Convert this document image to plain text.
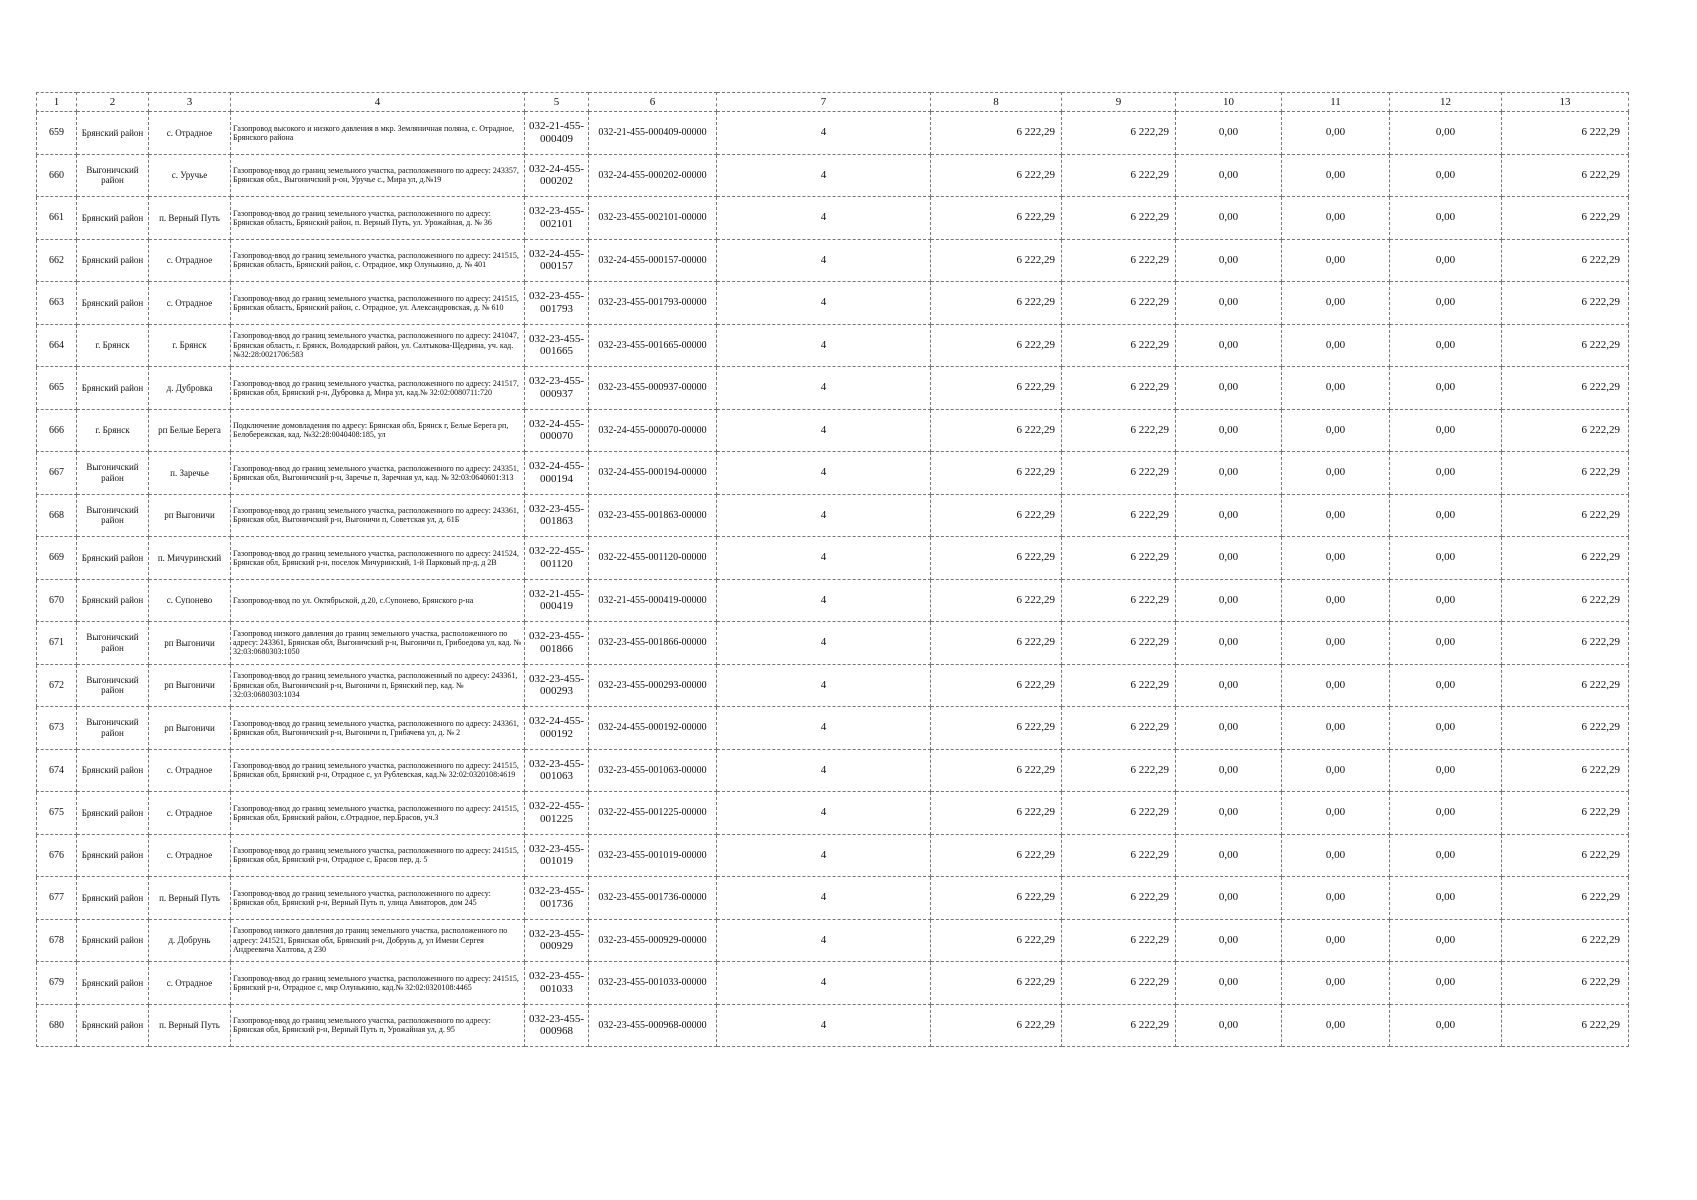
1	2	3	4	5	6	7	8	9	10	11	12	13
659	Брянский район	с. Отрадное	Газопровод высокого и низкого давления в мкр. Земляничная поляна, с. Отрадное, Брянского района	032-21-455-000409	032-21-455-000409-00000	4	6 222,29	6 222,29	0,00	0,00	0,00	6 222,29
660	Выгоничский район	с. Уручье	Газопровод-ввод до границ земельного участка, расположенного по адресу: 243357, Брянская обл., Выгоничский р-он, Уручье с., Мира ул, д.№19	032-24-455-000202	032-24-455-000202-00000	4	6 222,29	6 222,29	0,00	0,00	0,00	6 222,29
661	Брянский район	п. Верный Путь	Газопровод-ввод до границ земельного участка, расположенного по адресу: Брянская область, Брянский район, п. Верный Путь, ул. Урожайная, д. № 36	032-23-455-002101	032-23-455-002101-00000	4	6 222,29	6 222,29	0,00	0,00	0,00	6 222,29
662	Брянский район	с. Отрадное	Газопровод-ввод до границ земельного участка, расположенного по адресу: 241515, Брянская область, Брянский район, с. Отрадное, мкр Олунькино, д. № 401	032-24-455-000157	032-24-455-000157-00000	4	6 222,29	6 222,29	0,00	0,00	0,00	6 222,29
663	Брянский район	с. Отрадное	Газопровод-ввод до границ земельного участка, расположенного по адресу: 241515, Брянская область, Брянский район, с. Отрадное, ул. Александровская, д. № 610	032-23-455-001793	032-23-455-001793-00000	4	6 222,29	6 222,29	0,00	0,00	0,00	6 222,29
664	г. Брянск	г. Брянск	Газопровод-ввод до границ земельного участка, расположенного по адресу: 241047, Брянская область, г. Брянск, Володарский район, ул. Салтыкова-Щедрина, уч. кад. №32:28:0021706:583	032-23-455-001665	032-23-455-001665-00000	4	6 222,29	6 222,29	0,00	0,00	0,00	6 222,29
665	Брянский район	д. Дубровка	Газопровод-ввод до границ земельного участка, расположенного по адресу: 241517, Брянская обл, Брянский р-н, Дубровка д, Мира ул, кад.№ 32:02:0080711:720	032-23-455-000937	032-23-455-000937-00000	4	6 222,29	6 222,29	0,00	0,00	0,00	6 222,29
666	г. Брянск	рп Белые Берега	Подключение домовладения по адресу: Брянская обл, Брянск г, Белые Берега рп, Белобережская, кад. №32:28:0040408:185, ул	032-24-455-000070	032-24-455-000070-00000	4	6 222,29	6 222,29	0,00	0,00	0,00	6 222,29
667	Выгоничский район	п. Заречье	Газопровод-ввод до границ земельного участка, расположенного по адресу: 243351, Брянская обл, Выгоничский р-н, Заречье п, Заречная ул, кад. № 32:03:0640601:313	032-24-455-000194	032-24-455-000194-00000	4	6 222,29	6 222,29	0,00	0,00	0,00	6 222,29
668	Выгоничский район	рп Выгоничи	Газопровод-ввод до границ земельного участка, расположенного по адресу: 243361, Брянская обл, Выгоничский р-н, Выгоничи п, Советская ул, д. 61Б	032-23-455-001863	032-23-455-001863-00000	4	6 222,29	6 222,29	0,00	0,00	0,00	6 222,29
669	Брянский район	п. Мичуринский	Газопровод-ввод до границ земельного участка, расположенного по адресу: 241524, Брянская обл, Брянский р-н, поселок Мичуринский, 1-й Парковый пр-д, д 2В	032-22-455-001120	032-22-455-001120-00000	4	6 222,29	6 222,29	0,00	0,00	0,00	6 222,29
670	Брянский район	с. Супонево	Газопровод-ввод по ул. Октябрьской, д.20, с.Супонево, Брянского р-на	032-21-455-000419	032-21-455-000419-00000	4	6 222,29	6 222,29	0,00	0,00	0,00	6 222,29
671	Выгоничский район	рп Выгоничи	Газопровод низкого давления до границ земельного участка, расположенного по адресу: 243361, Брянская обл, Выгоничский р-н, Выгоничи п, Грибоедова ул, кад. № 32:03:0680303:1050	032-23-455-001866	032-23-455-001866-00000	4	6 222,29	6 222,29	0,00	0,00	0,00	6 222,29
672	Выгоничский район	рп Выгоничи	Газопровод-ввод до границ земельного участка, расположенный по адресу: 243361, Брянская обл, Выгоничский р-н, Выгоничи п, Брянский пер, кад. № 32:03:0680303:1034	032-23-455-000293	032-23-455-000293-00000	4	6 222,29	6 222,29	0,00	0,00	0,00	6 222,29
673	Выгоничский район	рп Выгоничи	Газопровод-ввод до границ земельного участка, расположенного по адресу: 243361, Брянская обл, Выгоничский р-н, Выгоничи п, Грибачева ул, д. № 2	032-24-455-000192	032-24-455-000192-00000	4	6 222,29	6 222,29	0,00	0,00	0,00	6 222,29
674	Брянский район	с. Отрадное	Газопровод-ввод до границ земельного участка, расположенного по адресу: 241515, Брянская обл, Брянский р-н, Отрадное с, ул Рублевская, кад.№ 32:02:0320108:4619	032-23-455-001063	032-23-455-001063-00000	4	6 222,29	6 222,29	0,00	0,00	0,00	6 222,29
675	Брянский район	с. Отрадное	Газопровод-ввод до границ земельного участка, расположенного по адресу: 241515, Брянская обл, Брянский район, с.Отрадное, пер.Брасов, уч.3	032-22-455-001225	032-22-455-001225-00000	4	6 222,29	6 222,29	0,00	0,00	0,00	6 222,29
676	Брянский район	с. Отрадное	Газопровод-ввод до границ земельного участка, расположенного по адресу: 241515, Брянская обл, Брянский р-н, Отрадное с, Брасов пер, д. 5	032-23-455-001019	032-23-455-001019-00000	4	6 222,29	6 222,29	0,00	0,00	0,00	6 222,29
677	Брянский район	п. Верный Путь	Газопровод-ввод до границ земельного участка, расположенного по адресу: Брянская обл, Брянский р-н, Верный Путь п, улица Авиаторов, дом 245	032-23-455-001736	032-23-455-001736-00000	4	6 222,29	6 222,29	0,00	0,00	0,00	6 222,29
678	Брянский район	д. Добрунь	Газопровод низкого давления до границ земельного участка, расположенного по адресу: 241521, Брянская обл, Брянский р-н, Добрунь д, ул Имени Сергея Андреевича Халтова, д 230	032-23-455-000929	032-23-455-000929-00000	4	6 222,29	6 222,29	0,00	0,00	0,00	6 222,29
679	Брянский район	с. Отрадное	Газопровод-ввод до границ земельного участка, расположенного по адресу: 241515, Брянский р-н, Отрадное с, мкр Олунькино, кад.№ 32:02:0320108:4465	032-23-455-001033	032-23-455-001033-00000	4	6 222,29	6 222,29	0,00	0,00	0,00	6 222,29
680	Брянский район	п. Верный Путь	Газопровод-ввод до границ земельного участка, расположенного по адресу: Брянская обл, Брянский р-н, Верный Путь п, Урожайная ул, д. 95	032-23-455-000968	032-23-455-000968-00000	4	6 222,29	6 222,29	0,00	0,00	0,00	6 222,29
